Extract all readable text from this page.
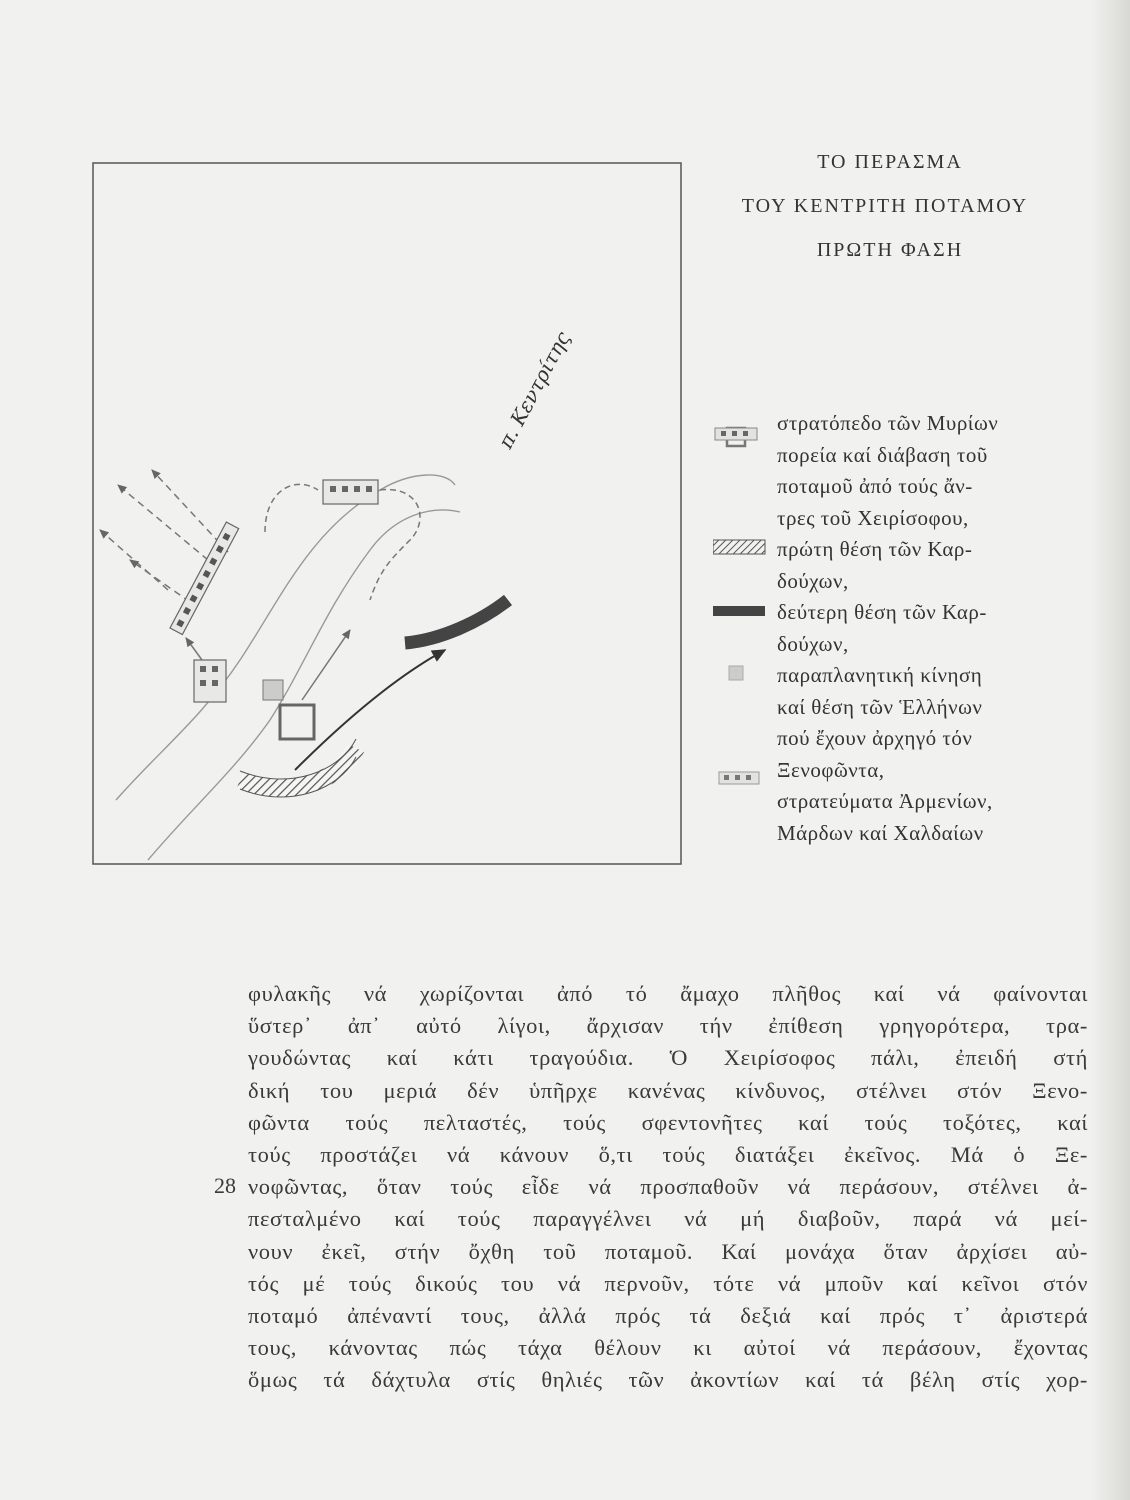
π. Κεντρίτης
ΤΟ ΠΕΡΑΣΜΑ
ΤΟΥ ΚΕΝΤΡΙΤΗ ΠΟΤΑΜΟΥ
ΠΡΩΤΗ ΦΑΣΗ
στρατόπεδο τῶν Μυρίων
πορεία καί διάβαση τοῦ
ποταμοῦ ἀπό τούς ἄν-
τρες τοῦ Χειρίσοφου,
πρώτη θέση τῶν Καρ-
δούχων,
δεύτερη θέση τῶν Καρ-
δούχων,
παραπλανητική κίνηση
καί θέση τῶν Ἑλλήνων
πού ἔχουν ἀρχηγό τόν
Ξενοφῶντα,
στρατεύματα Ἀρμενίων,
Μάρδων καί Χαλδαίων
28
φυλακῆς νά χωρίζονται ἀπό τό ἄμαχο πλῆθος καί νά φαίνονται
ὕστερ᾽ ἀπ᾽ αὐτό λίγοι, ἄρχισαν τήν ἐπίθεση γρηγορότερα, τρα-
γουδώντας καί κάτι τραγούδια. Ὁ Χειρίσοφος πάλι, ἐπειδή στή
δική του μεριά δέν ὑπῆρχε κανένας κίνδυνος, στέλνει στόν Ξενο-
φῶντα τούς πελταστές, τούς σφεντονῆτες καί τούς τοξότες, καί
τούς προστάζει νά κάνουν ὅ,τι τούς διατάξει ἐκεῖνος. Μά ὁ Ξε-
νοφῶντας, ὅταν τούς εἶδε νά προσπαθοῦν νά περάσουν, στέλνει ἀ-
πεσταλμένο καί τούς παραγγέλνει νά μή διαβοῦν, παρά νά μεί-
νουν ἐκεῖ, στήν ὄχθη τοῦ ποταμοῦ. Καί μονάχα ὅταν ἀρχίσει αὐ-
τός μέ τούς δικούς του νά περνοῦν, τότε νά μποῦν καί κεῖνοι στόν
ποταμό ἀπέναντί τους, ἀλλά πρός τά δεξιά καί πρός τ᾽ ἀριστερά
τους, κάνοντας πώς τάχα θέλουν κι αὐτοί νά περάσουν, ἔχοντας
ὅμως τά δάχτυλα στίς θηλιές τῶν ἀκοντίων καί τά βέλη στίς χορ-
